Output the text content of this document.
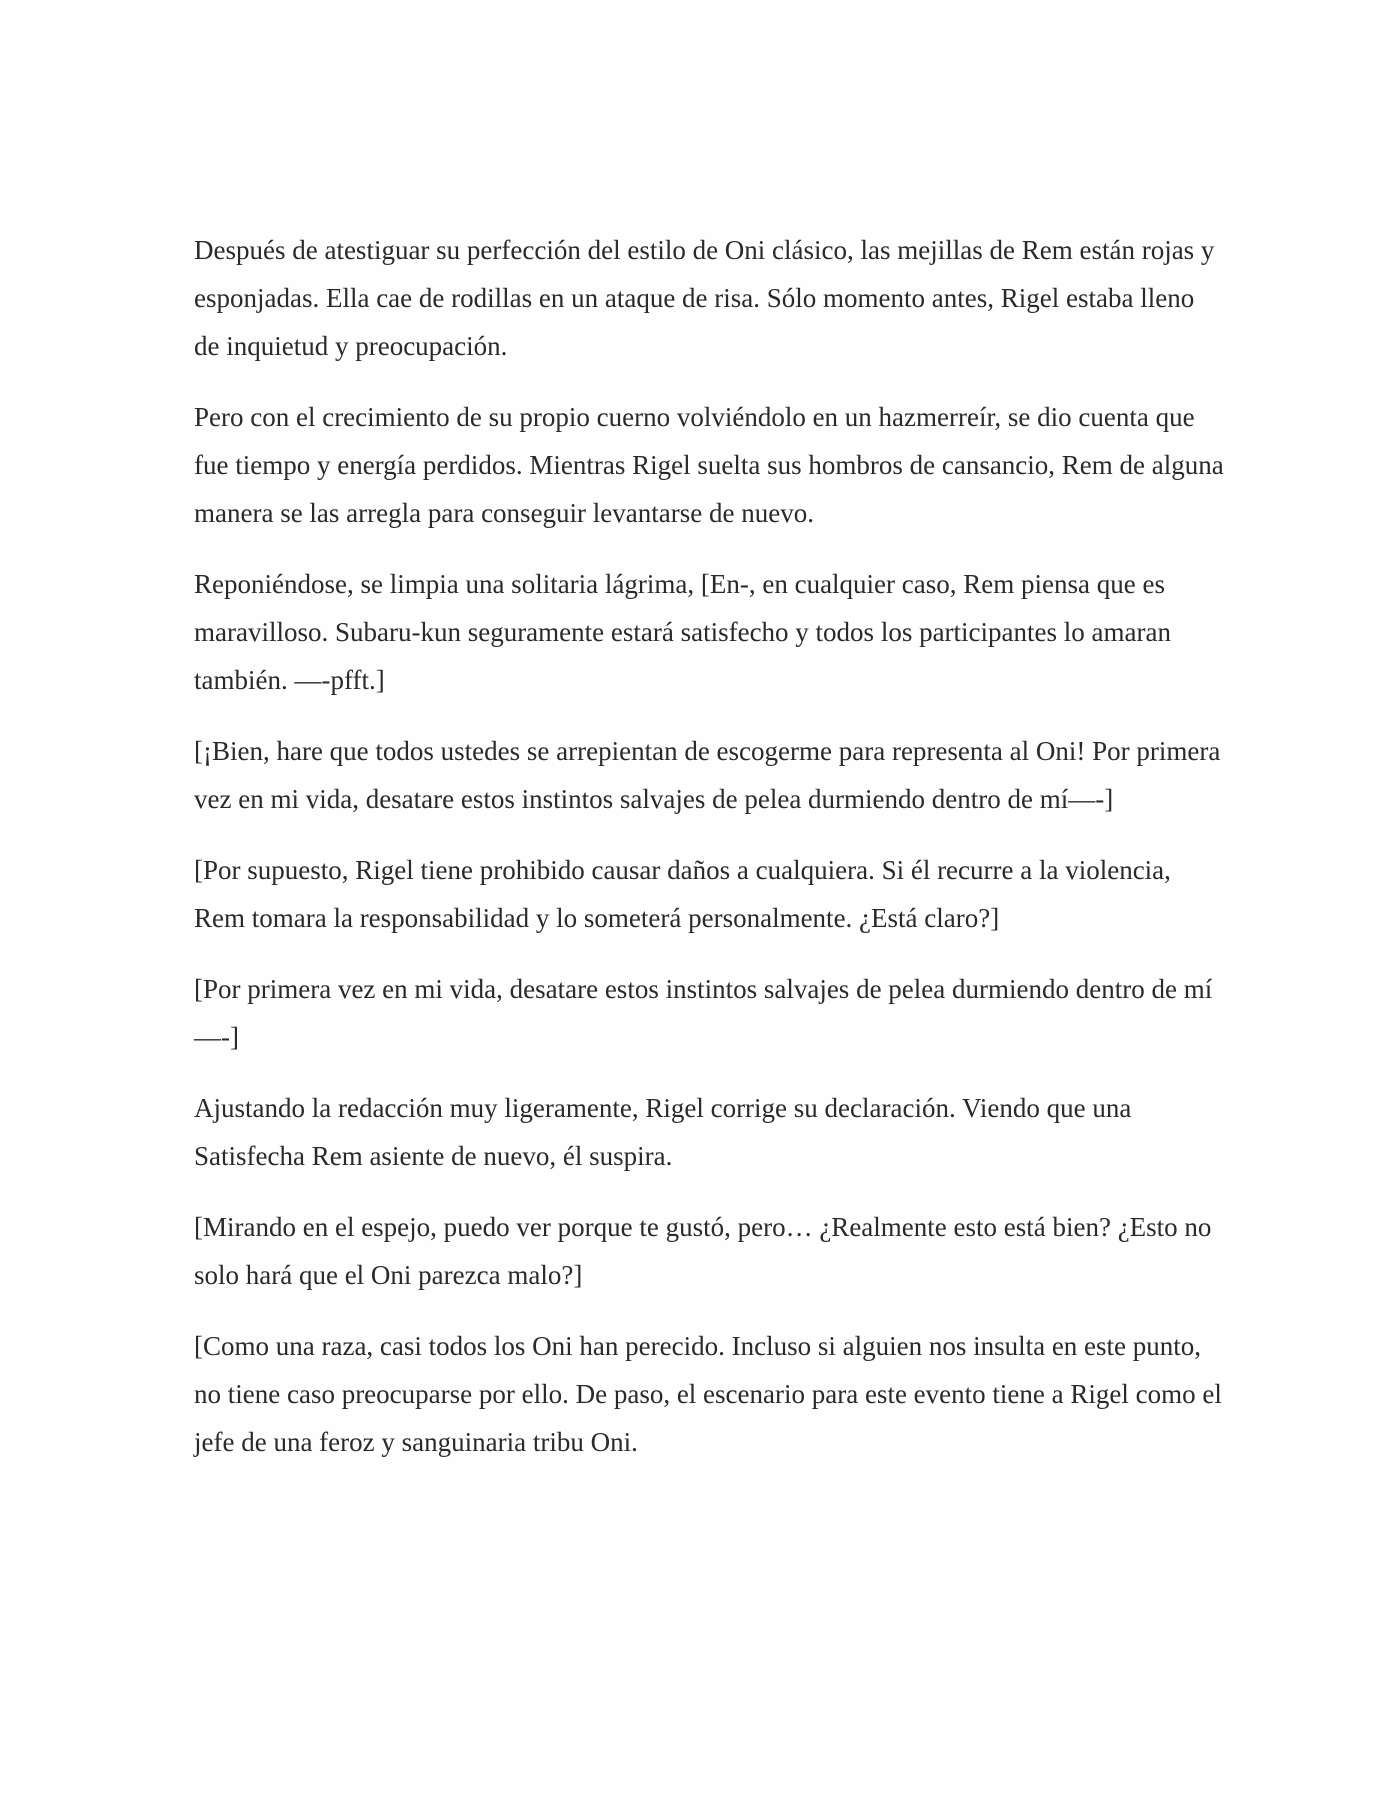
Después de atestiguar su perfección del estilo de Oni clásico, las mejillas de Rem están rojas y esponjadas. Ella cae de rodillas en un ataque de risa. Sólo momento antes, Rigel estaba lleno de inquietud y preocupación.

Pero con el crecimiento de su propio cuerno volviéndolo en un hazmerreír, se dio cuenta que fue tiempo y energía perdidos. Mientras Rigel suelta sus hombros de cansancio, Rem de alguna manera se las arregla para conseguir levantarse de nuevo.

Reponiéndose, se limpia una solitaria lágrima, [En-, en cualquier caso, Rem piensa que es maravilloso. Subaru-kun seguramente estará satisfecho y todos los participantes lo amaran también. —-pfft.]

[¡Bien, hare que todos ustedes se arrepientan de escogerme para representa al Oni! Por primera vez en mi vida, desatare estos instintos salvajes de pelea durmiendo dentro de mí—-]

[Por supuesto, Rigel tiene prohibido causar daños a cualquiera. Si él recurre a la violencia, Rem tomara la responsabilidad y lo someterá personalmente. ¿Está claro?]

[Por primera vez en mi vida, desatare estos instintos salvajes de pelea durmiendo dentro de mí—-]

Ajustando la redacción muy ligeramente, Rigel corrige su declaración. Viendo que una Satisfecha Rem asiente de nuevo, él suspira.

[Mirando en el espejo, puedo ver porque te gustó, pero… ¿Realmente esto está bien? ¿Esto no solo hará que el Oni parezca malo?]

[Como una raza, casi todos los Oni han perecido. Incluso si alguien nos insulta en este punto, no tiene caso preocuparse por ello. De paso, el escenario para este evento tiene a Rigel como el jefe de una feroz y sanguinaria tribu Oni.
